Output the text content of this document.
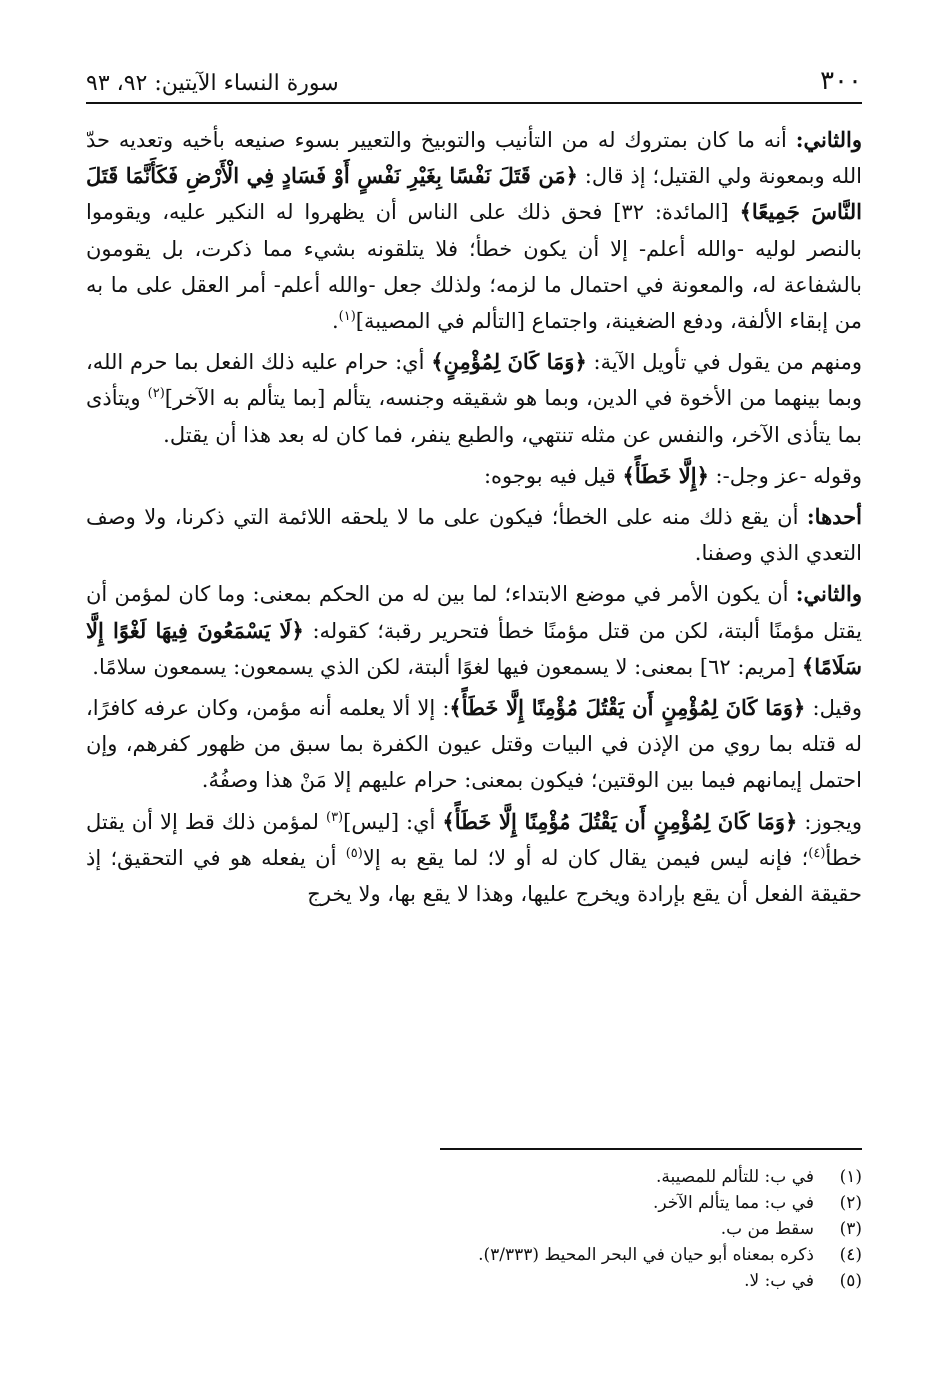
٣٠٠
سورة النساء الآيتين: ٩٢، ٩٣

والثاني: أنه ما كان بمتروك له من التأنيب والتوبيخ والتعيير بسوء صنيعه بأخيه وتعديه حدّ الله وبمعونة ولي القتيل؛ إذ قال: ﴿مَن قَتَلَ نَفْسًا بِغَيْرِ نَفْسٍ أَوْ فَسَادٍ فِي الْأَرْضِ فَكَأَنَّمَا قَتَلَ النَّاسَ جَمِيعًا﴾ [المائدة: ٣٢] فحق ذلك على الناس أن يظهروا له النكير عليه، ويقوموا بالنصر لوليه -والله أعلم- إلا أن يكون خطأ؛ فلا يتلقونه بشيء مما ذكرت، بل يقومون بالشفاعة له، والمعونة في احتمال ما لزمه؛ ولذلك جعل -والله أعلم- أمر العقل على ما به من إبقاء الألفة، ودفع الضغينة، واجتماع [التألم في المصيبة]$^{(١)}$.

ومنهم من يقول في تأويل الآية: ﴿وَمَا كَانَ لِمُؤْمِنٍ﴾ أي: حرام عليه ذلك الفعل بما حرم الله، وبما بينهما من الأخوة في الدين، وبما هو شقيقه وجنسه، يتألم [بما يتألم به الآخر]$^{(٢)}$ ويتأذى بما يتأذى الآخر، والنفس عن مثله تنتهي، والطبع ينفر، فما كان له بعد هذا أن يقتل.

وقوله -عز وجل-: ﴿إِلَّا خَطَأً﴾ قيل فيه بوجوه:

أحدها: أن يقع ذلك منه على الخطأ؛ فيكون على ما لا يلحقه اللائمة التي ذكرنا، ولا وصف التعدي الذي وصفنا.

والثاني: أن يكون الأمر في موضع الابتداء؛ لما بين له من الحكم بمعنى: وما كان لمؤمن أن يقتل مؤمنًا ألبتة، لكن من قتل مؤمنًا خطأ فتحرير رقبة؛ كقوله: ﴿لَا يَسْمَعُونَ فِيهَا لَغْوًا إِلَّا سَلَامًا﴾ [مريم: ٦٢] بمعنى: لا يسمعون فيها لغوًا ألبتة، لكن الذي يسمعون: يسمعون سلامًا.

وقيل: ﴿وَمَا كَانَ لِمُؤْمِنٍ أَن يَقْتُلَ مُؤْمِنًا إِلَّا خَطَأً﴾: إلا ألا يعلمه أنه مؤمن، وكان عرفه كافرًا، له قتله بما روي من الإذن في البيات وقتل عيون الكفرة بما سبق من ظهور كفرهم، وإن احتمل إيمانهم فيما بين الوقتين؛ فيكون بمعنى: حرام عليهم إلا مَنْ هذا وصفُهُ.

ويجوز: ﴿وَمَا كَانَ لِمُؤْمِنٍ أَن يَقْتُلَ مُؤْمِنًا إِلَّا خَطَأً﴾ أي: [ليس]$^{(٣)}$ لمؤمن ذلك قط إلا أن يقتل خطأ$^{(٤)}$؛ فإنه ليس فيمن يقال كان له أو لا؛ لما يقع به إلا$^{(٥)}$ أن يفعله هو في التحقيق؛ إذ حقيقة الفعل أن يقع بإرادة ويخرج عليها، وهذا لا يقع بها، ولا يخرج

(١)
في ب: للتألم للمصيبة.
(٢)
في ب: مما يتألم الآخر.
(٣)
سقط من ب.
(٤)
ذكره بمعناه أبو حيان في البحر المحيط (٣/٣٣٣).
(٥)
في ب: لا.
